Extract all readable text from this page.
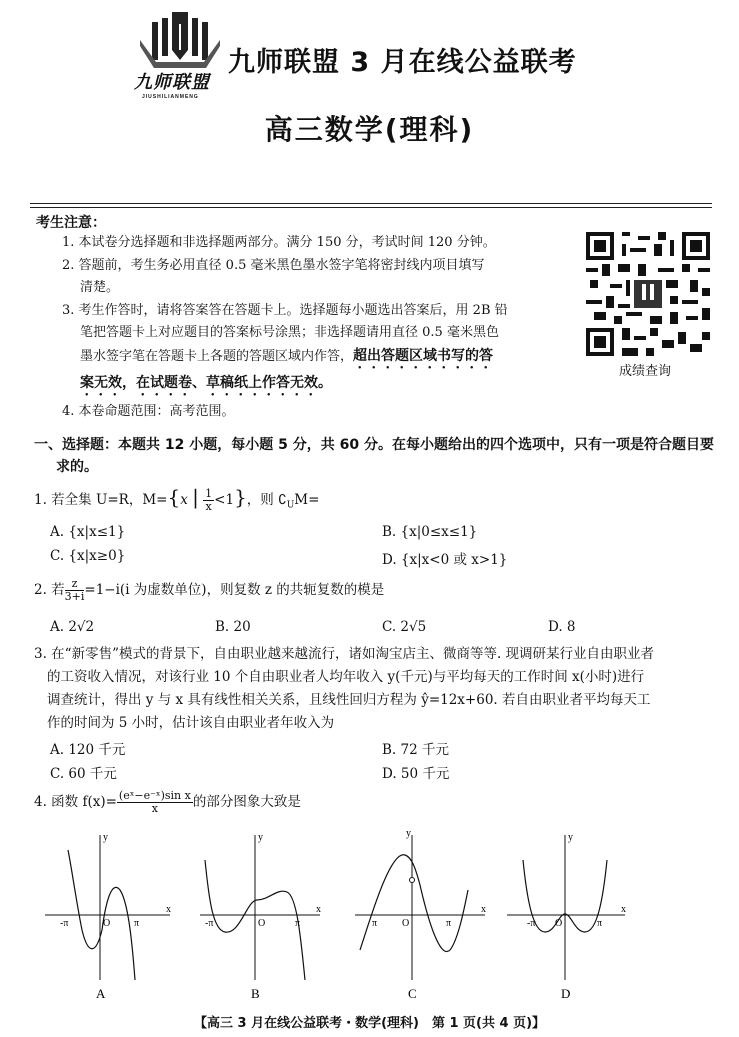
九师联盟
JIUSHILIANMENG
九师联盟 3 月在线公益联考
高三数学(理科)
考生注意：
1. 本试卷分选择题和非选择题两部分。满分 150 分，考试时间 120 分钟。
2. 答题前，考生务必用直径 0.5 毫米黑色墨水签字笔将密封线内项目填写
清楚。
3. 考生作答时，请将答案答在答题卡上。选择题每小题选出答案后，用 2B 铅
笔把答题卡上对应题目的答案标号涂黑；非选择题请用直径 0.5 毫米黑色
墨水签字笔在答题卡上各题的答题区域内作答，超出答题区域书写的答
案无效，在试题卷、草稿纸上作答无效。
4. 本卷命题范围：高考范围。
成绩查询
一、选择题：本题共 12 小题，每小题 5 分，共 60 分。在每小题给出的四个选项中，只有一项是符合题目要
求的。
1. 若全集 U=R，M={x | $\frac{1}{x} <1$}，则 $∁_UM=$
A. {x|x≤1}	B. {x|0≤x≤1}
C. {x|x≥0}	D. {x|x<0 或 x>1}
2. 若 $\frac{z}{3+i} =1-i(i$ 为虚数单位)，则复数 z 的共轭复数的模是
A. 2√2	B. 20	C. 2√5	D. 8
3. 在“新零售”模式的背景下，自由职业越来越流行，诸如淘宝店主、微商等等. 现调研某行业自由职业者
的工资收入情况，对该行业 10 个自由职业者人均年收入 y(千元)与平均每天的工作时间 x(小时)进行
调查统计，得出 y 与 x 具有线性相关关系，且线性回归方程为 ŷ=12x+60. 若自由职业者平均每天工
作的时间为 5 小时，估计该自由职业者年收入为
A. 120 千元	B. 72 千元
C. 60 千元	D. 50 千元
4. 函数 $f(x)= \frac{\text{(eˣ−e⁻ˣ)sin x}}{x}$ 的部分图象大致是
-π	O π
x
y
A
-π	O	π
x
y
B
π O	π
x
y
C
-π O	π
x
y
D
【高三 3 月在线公益联考・数学(理科)　第 1 页(共 4 页)】
